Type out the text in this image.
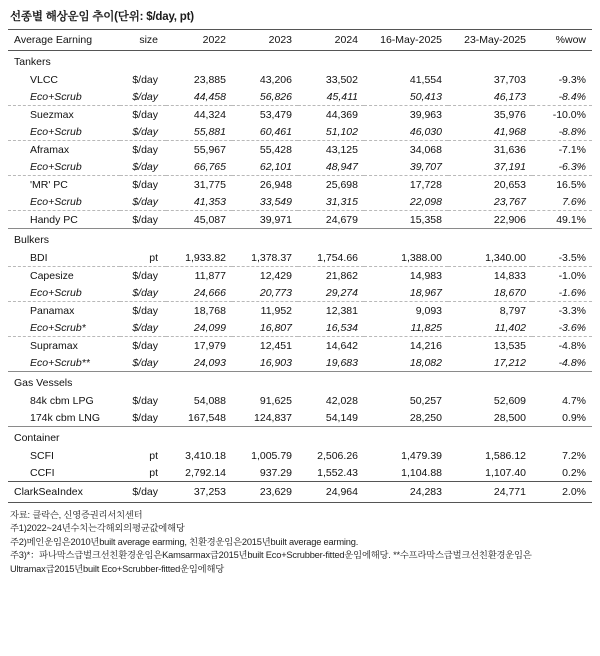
선종별 해상운임 추이(단위: $/day, pt)
Average Earning	size	2022	2023	2024	16-May-2025	23-May-2025	%wow
Tankers							
VLCC	$/day	23,885	43,206	33,502	41,554	37,703	-9.3%
Eco+Scrub	$/day	44,458	56,826	45,411	50,413	46,173	-8.4%
Suezmax	$/day	44,324	53,479	44,369	39,963	35,976	-10.0%
Eco+Scrub	$/day	55,881	60,461	51,102	46,030	41,968	-8.8%
Aframax	$/day	55,967	55,428	43,125	34,068	31,636	-7.1%
Eco+Scrub	$/day	66,765	62,101	48,947	39,707	37,191	-6.3%
'MR' PC	$/day	31,775	26,948	25,698	17,728	20,653	16.5%
Eco+Scrub	$/day	41,353	33,549	31,315	22,098	23,767	7.6%
Handy PC	$/day	45,087	39,971	24,679	15,358	22,906	49.1%
Bulkers							
BDI	pt	1,933.82	1,378.37	1,754.66	1,388.00	1,340.00	-3.5%
Capesize	$/day	11,877	12,429	21,862	14,983	14,833	-1.0%
Eco+Scrub	$/day	24,666	20,773	29,274	18,967	18,670	-1.6%
Panamax	$/day	18,768	11,952	12,381	9,093	8,797	-3.3%
Eco+Scrub*	$/day	24,099	16,807	16,534	11,825	11,402	-3.6%
Supramax	$/day	17,979	12,451	14,642	14,216	13,535	-4.8%
Eco+Scrub**	$/day	24,093	16,903	19,683	18,082	17,212	-4.8%
Gas Vessels							
84k cbm LPG	$/day	54,088	91,625	42,028	50,257	52,609	4.7%
174k cbm LNG	$/day	167,548	124,837	54,149	28,250	28,500	0.9%
Container							
SCFI	pt	3,410.18	1,005.79	2,506.26	1,479.39	1,586.12	7.2%
CCFI	pt	2,792.14	937.29	1,552.43	1,104.88	1,107.40	0.2%
ClarkSeaIndex	$/day	37,253	23,629	24,964	24,283	24,771	2.0%
자료: 클락슨, 신영증권리서치센터
주1)2022~24년수치는각해외의평균값에해당
주2)메인운임은2010년built average earming, 친환경운임은2015년built average earming.
주3)*：파나막스급벌크선친환경운임은Kamsarmax급2015년built Eco+Scrubber-fitted운임에해당. **수프라막스급벌크선친환경운임은
Ultramax급2015년built Eco+Scrubber-fitted운임에해당
